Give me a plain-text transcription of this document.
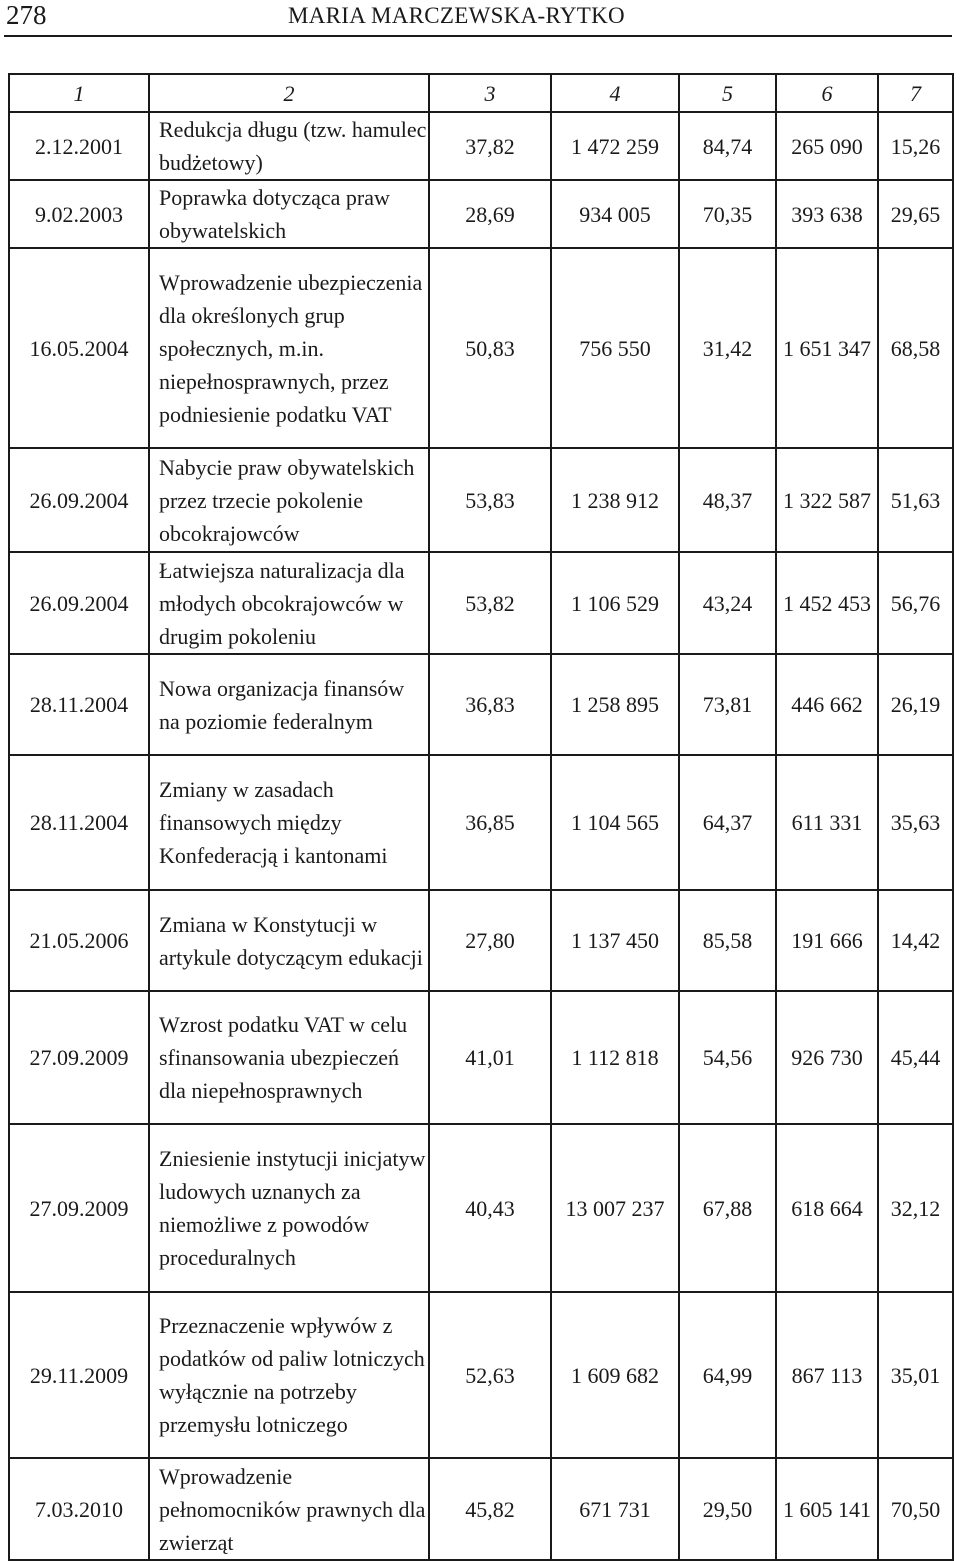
278	MARIA MARCZEWSKA-RYTKO
1	2	3	4	5	6	7
2.12.2001	Redukcja długu (tzw. hamulec budżetowy)	37,82	1 472 259	84,74	265 090	15,26
9.02.2003	Poprawka dotycząca praw obywatelskich	28,69	934 005	70,35	393 638	29,65
16.05.2004	Wprowadzenie ubezpieczenia dla określonych grup społecznych, m.in. niepełnosprawnych, przez podniesienie podatku VAT	50,83	756 550	31,42	1 651 347	68,58
26.09.2004	Nabycie praw obywatelskich przez trzecie pokolenie obcokrajowców	53,83	1 238 912	48,37	1 322 587	51,63
26.09.2004	Łatwiejsza naturalizacja dla młodych obcokrajowców w drugim pokoleniu	53,82	1 106 529	43,24	1 452 453	56,76
28.11.2004	Nowa organizacja finansów na poziomie federalnym	36,83	1 258 895	73,81	446 662	26,19
28.11.2004	Zmiany w zasadach finansowych między Konfederacją i kantonami	36,85	1 104 565	64,37	611 331	35,63
21.05.2006	Zmiana w Konstytucji w artykule dotyczącym edukacji	27,80	1 137 450	85,58	191 666	14,42
27.09.2009	Wzrost podatku VAT w celu sfinansowania ubezpieczeń dla niepełnosprawnych	41,01	1 112 818	54,56	926 730	45,44
27.09.2009	Zniesienie instytucji inicjatyw ludowych uznanych za niemożliwe z powodów proceduralnych	40,43	13 007 237	67,88	618 664	32,12
29.11.2009	Przeznaczenie wpływów z podatków od paliw lotniczych wyłącznie na potrzeby przemysłu lotniczego	52,63	1 609 682	64,99	867 113	35,01
7.03.2010	Wprowadzenie pełnomocników prawnych dla zwierząt	45,82	671 731	29,50	1 605 141	70,50
